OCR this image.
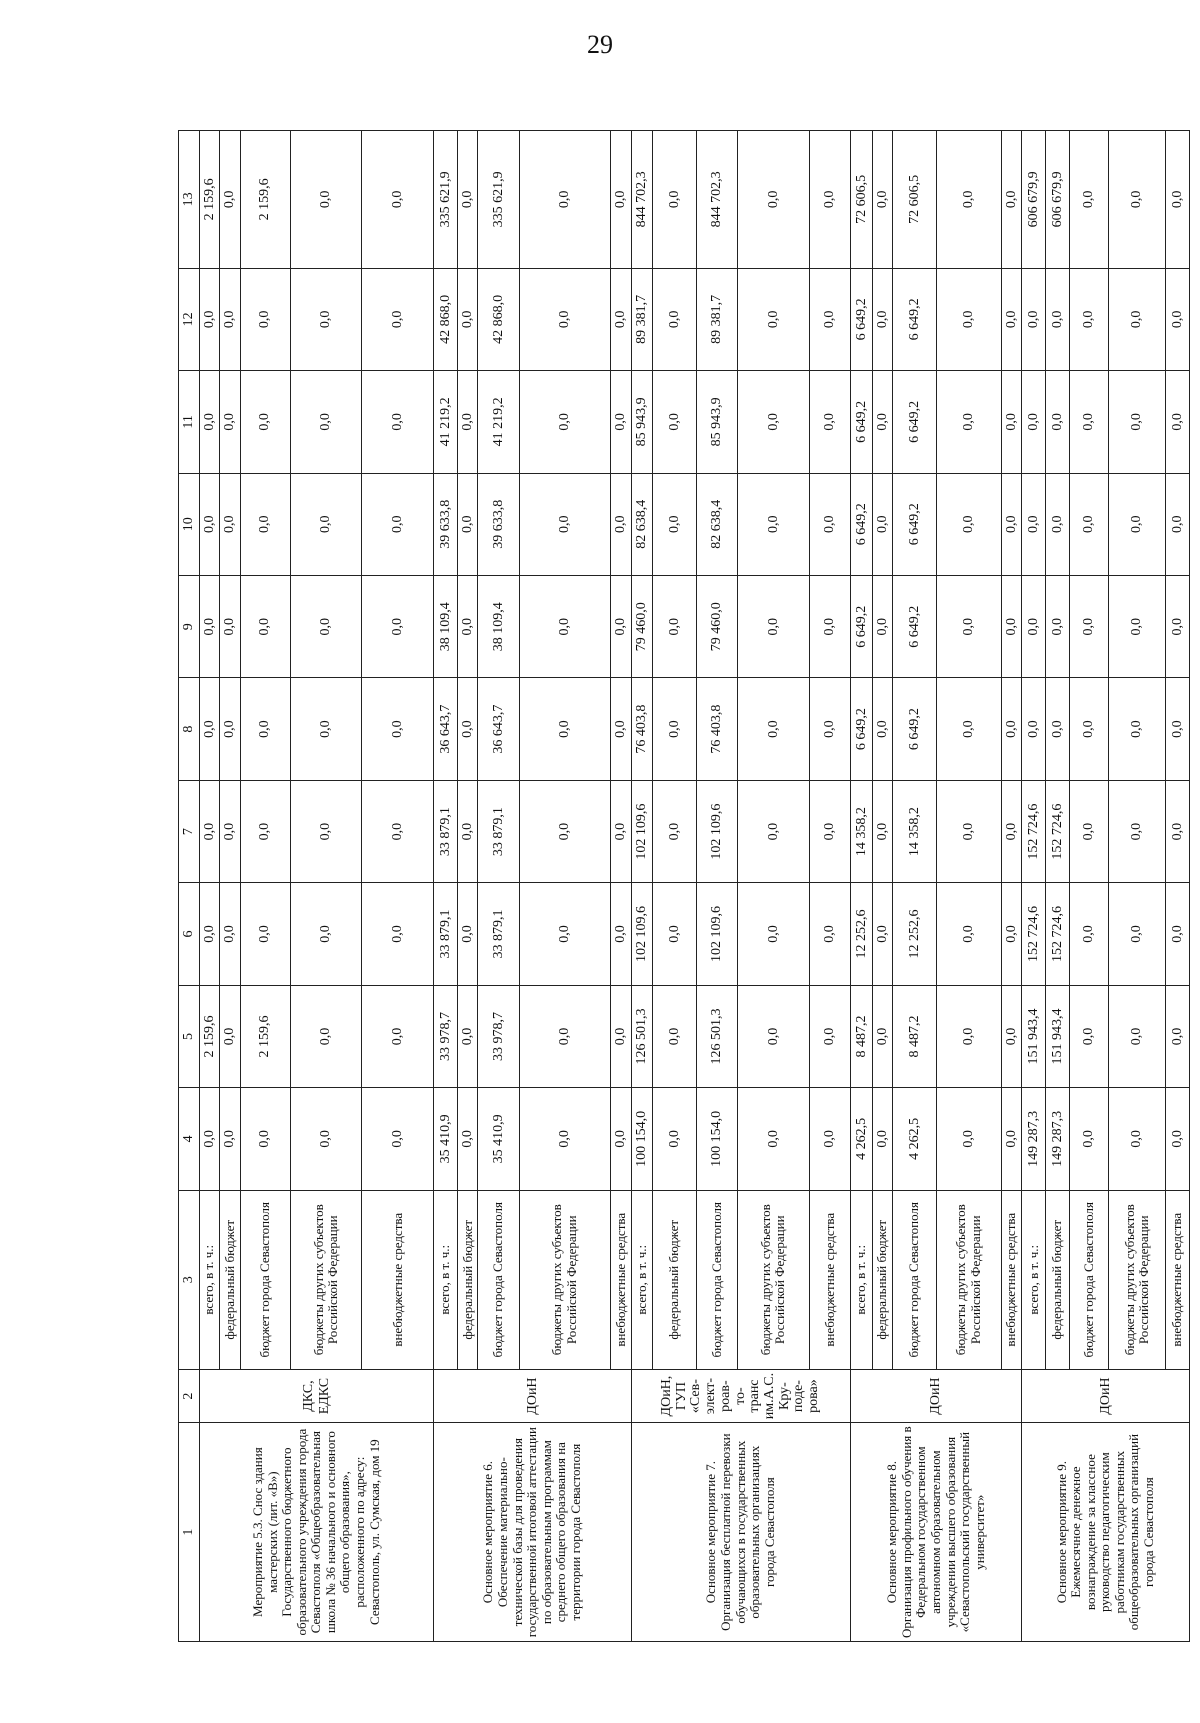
29
1	2	3	4	5	6	7	8	9	10	11	12	13
Мероприятие 5.3. Снос здания мастерских (лит. «В») Государственного бюджетного образовательного учреждения города Севастополя «Общеобразовательная школа № 36 начального и основного общего образования», расположенного по адресу: Севастополь, ул. Сумская, дом 19	ДКС, ЕДКС	всего, в т. ч.:	0,0	2 159,6	0,0	0,0	0,0	0,0	0,0	0,0	0,0	2 159,6
		федеральный бюджет	0,0	0,0	0,0	0,0	0,0	0,0	0,0	0,0	0,0	0,0
		бюджет города Севастополя	0,0	2 159,6	0,0	0,0	0,0	0,0	0,0	0,0	0,0	2 159,6
		бюджеты других субъектов Российской Федерации	0,0	0,0	0,0	0,0	0,0	0,0	0,0	0,0	0,0	0,0
		внебюджетные средства	0,0	0,0	0,0	0,0	0,0	0,0	0,0	0,0	0,0	0,0
Основное мероприятие 6. Обеспечение материально-технической базы для проведения государственной итоговой аттестации по образовательным программам среднего общего образования на территории города Севастополя	ДОиН	всего, в т. ч.:	35 410,9	33 978,7	33 879,1	33 879,1	36 643,7	38 109,4	39 633,8	41 219,2	42 868,0	335 621,9
		федеральный бюджет	0,0	0,0	0,0	0,0	0,0	0,0	0,0	0,0	0,0	0,0
		бюджет города Севастополя	35 410,9	33 978,7	33 879,1	33 879,1	36 643,7	38 109,4	39 633,8	41 219,2	42 868,0	335 621,9
		бюджеты других субъектов Российской Федерации	0,0	0,0	0,0	0,0	0,0	0,0	0,0	0,0	0,0	0,0
		внебюджетные средства	0,0	0,0	0,0	0,0	0,0	0,0	0,0	0,0	0,0	0,0
Основное мероприятие 7. Организация бесплатной перевозки обучающихся в государственных образовательных организациях города Севастополя	ДОиН, ГУП «Сев-элект-роав-то-транс им.А.С. Кру-поде-рова»	всего, в т. ч.:	100 154,0	126 501,3	102 109,6	102 109,6	76 403,8	79 460,0	82 638,4	85 943,9	89 381,7	844 702,3
		федеральный бюджет	0,0	0,0	0,0	0,0	0,0	0,0	0,0	0,0	0,0	0,0
		бюджет города Севастополя	100 154,0	126 501,3	102 109,6	102 109,6	76 403,8	79 460,0	82 638,4	85 943,9	89 381,7	844 702,3
		бюджеты других субъектов Российской Федерации	0,0	0,0	0,0	0,0	0,0	0,0	0,0	0,0	0,0	0,0
		внебюджетные средства	0,0	0,0	0,0	0,0	0,0	0,0	0,0	0,0	0,0	0,0
Основное мероприятие 8. Организация профильного обучения в Федеральном государственном автономном образовательном учреждении высшего образования «Севастопольский государственный университет»	ДОиН	всего, в т. ч.:	4 262,5	8 487,2	12 252,6	14 358,2	6 649,2	6 649,2	6 649,2	6 649,2	6 649,2	72 606,5
		федеральный бюджет	0,0	0,0	0,0	0,0	0,0	0,0	0,0	0,0	0,0	0,0
		бюджет города Севастополя	4 262,5	8 487,2	12 252,6	14 358,2	6 649,2	6 649,2	6 649,2	6 649,2	6 649,2	72 606,5
		бюджеты других субъектов Российской Федерации	0,0	0,0	0,0	0,0	0,0	0,0	0,0	0,0	0,0	0,0
		внебюджетные средства	0,0	0,0	0,0	0,0	0,0	0,0	0,0	0,0	0,0	0,0
Основное мероприятие 9. Ежемесячное денежное вознаграждение за классное руководство педагогическим работникам государственных общеобразовательных организаций города Севастополя	ДОиН	всего, в т. ч.:	149 287,3	151 943,4	152 724,6	152 724,6	0,0	0,0	0,0	0,0	0,0	606 679,9
		федеральный бюджет	149 287,3	151 943,4	152 724,6	152 724,6	0,0	0,0	0,0	0,0	0,0	606 679,9
		бюджет города Севастополя	0,0	0,0	0,0	0,0	0,0	0,0	0,0	0,0	0,0	0,0
		бюджеты других субъектов Российской Федерации	0,0	0,0	0,0	0,0	0,0	0,0	0,0	0,0	0,0	0,0
		внебюджетные средства	0,0	0,0	0,0	0,0	0,0	0,0	0,0	0,0	0,0	0,0
